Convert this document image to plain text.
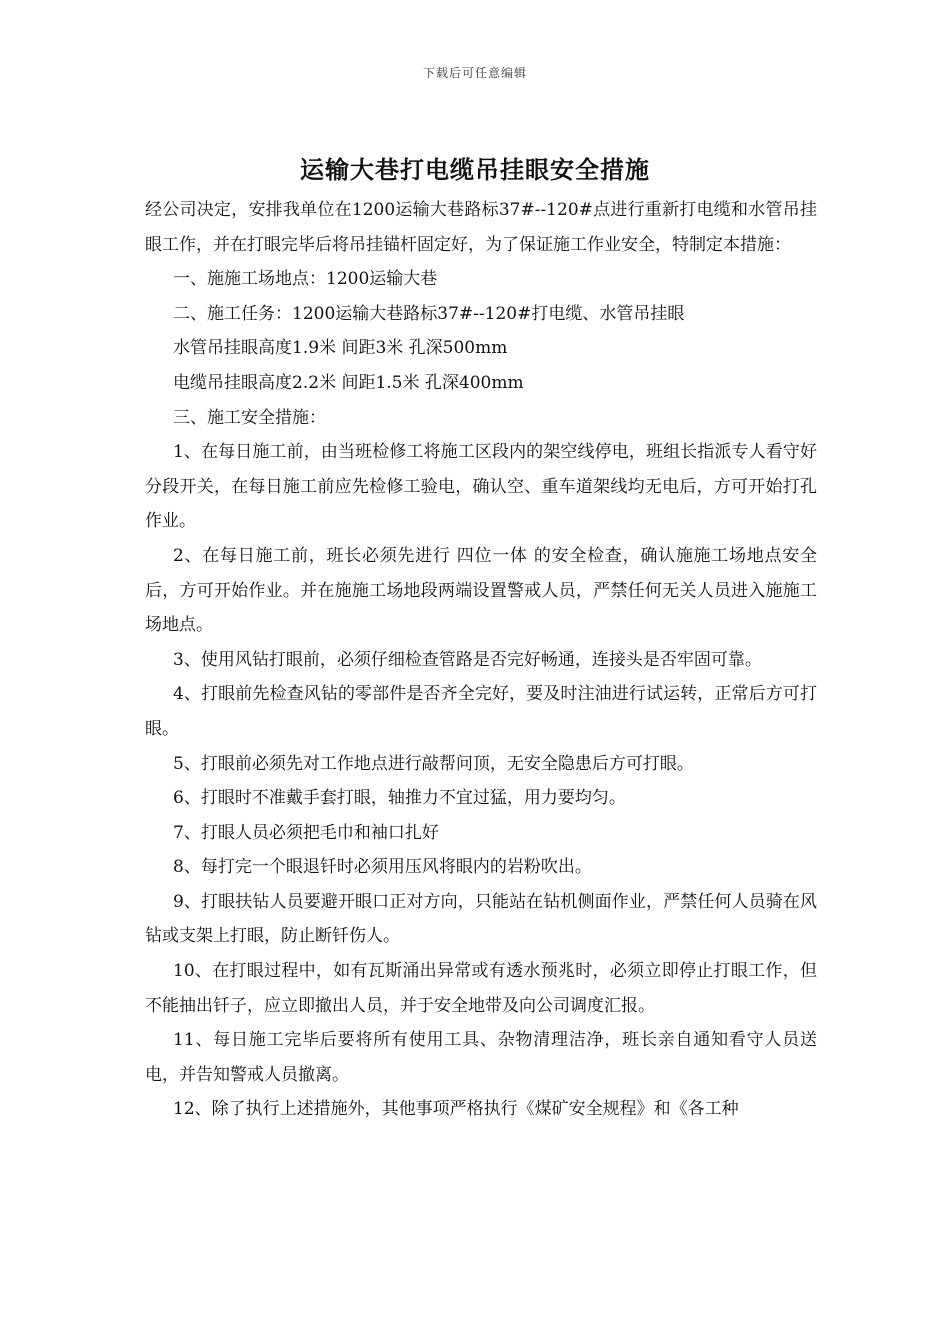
下载后可任意编辑
运输大巷打电缆吊挂眼安全措施

经公司决定，安排我单位在1200运输大巷路标37#--120#点进行重新打电缆和水管吊挂眼工作，并在打眼完毕后将吊挂锚杆固定好，为了保证施工作业安全，特制定本措施：

一、施施工场地点：1200运输大巷

二、施工任务：1200运输大巷路标37#--120#打电缆、水管吊挂眼

水管吊挂眼高度1.9米 间距3米 孔深500mm

电缆吊挂眼高度2.2米 间距1.5米 孔深400mm

三、施工安全措施：

1、在每日施工前，由当班检修工将施工区段内的架空线停电，班组长指派专人看守好分段开关，在每日施工前应先检修工验电，确认空、重车道架线均无电后，方可开始打孔作业。

2、在每日施工前，班长必须先进行 四位一体 的安全检查，确认施施工场地点安全后，方可开始作业。并在施施工场地段两端设置警戒人员，严禁任何无关人员进入施施工场地点。

3、使用风钻打眼前，必须仔细检查管路是否完好畅通，连接头是否牢固可靠。

4、打眼前先检查风钻的零部件是否齐全完好，要及时注油进行试运转，正常后方可打眼。

5、打眼前必须先对工作地点进行敲帮问顶，无安全隐患后方可打眼。

6、打眼时不准戴手套打眼，轴推力不宜过猛，用力要均匀。

7、打眼人员必须把毛巾和袖口扎好

8、每打完一个眼退钎时必须用压风将眼内的岩粉吹出。

9、打眼扶钻人员要避开眼口正对方向，只能站在钻机侧面作业，严禁任何人员骑在风钻或支架上打眼，防止断钎伤人。

10、在打眼过程中，如有瓦斯涌出异常或有透水预兆时，必须立即停止打眼工作，但不能抽出钎子，应立即撤出人员，并于安全地带及向公司调度汇报。

11、每日施工完毕后要将所有使用工具、杂物清理洁净，班长亲自通知看守人员送电，并告知警戒人员撤离。

12、除了执行上述措施外，其他事项严格执行《煤矿安全规程》和《各工种
